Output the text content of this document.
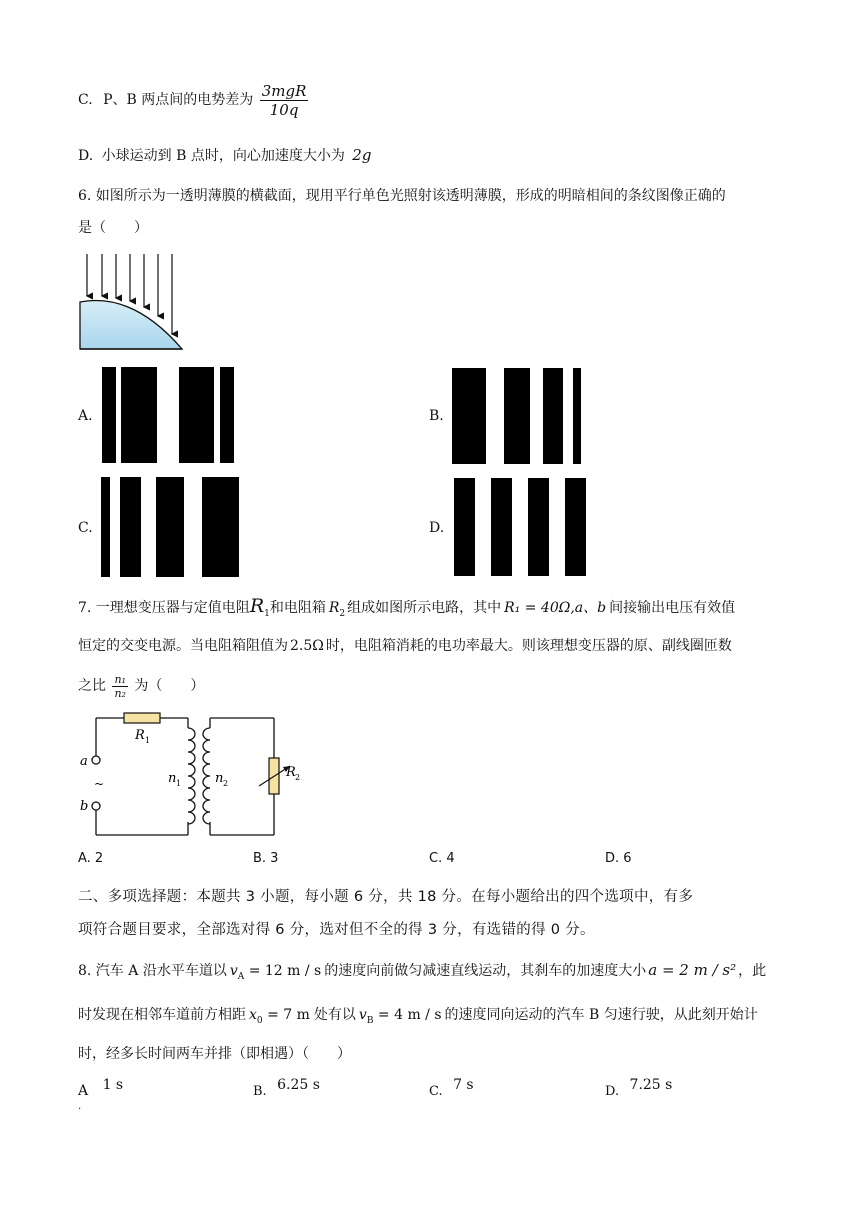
C. P、B 两点间的电势差为 $\frac{\text{3mgR}}{10q}$
D. 小球运动到 B 点时，向心加速度大小为 2g
6. 如图所示为一透明薄膜的横截面，现用平行单色光照射该透明薄膜，形成的明暗相间的条纹图像正确的
是（　　）
A.	B.
C.	D.
7. 一理想变压器与定值电阻$R_1$和电阻箱 $R_2$ 组成如图所示电路，其中 R₁ = 40Ω,a、b 间接输出电压有效值
恒定的交变电源。当电阻箱阻值为 2.5Ω 时，电阻箱消耗的电功率最大。则该理想变压器的原、副线圈匝数
之比 $\frac{\text{n₁}}{\text{n₂}}$ 为（　　）
a
~
b
R 1
n 1	n 2
R 2
A. 2	B. 3	C. 4	D. 6
二、多项选择题：本题共 3 小题，每小题 6 分，共 18 分。在每小题给出的四个选项中，有多
项符合题目要求，全部选对得 6 分，选对但不全的得 3 分，有选错的得 0 分。
8. 汽车 A 沿水平车道以 $v_A = 12$ m / s 的速度向前做匀减速直线运动，其刹车的加速度大小 a = 2 m / s² ，此
时发现在相邻车道前方相距 $x_0 = 7$ m 处有以 $v_B = 4$ m / s 的速度同向运动的汽车 B 匀速行驶，从此刻开始计
时，经多长时间两车并排（即相遇）（　　）
A
.
1 s	B. 6.25 s	C. 7 s	D. 7.25 s
